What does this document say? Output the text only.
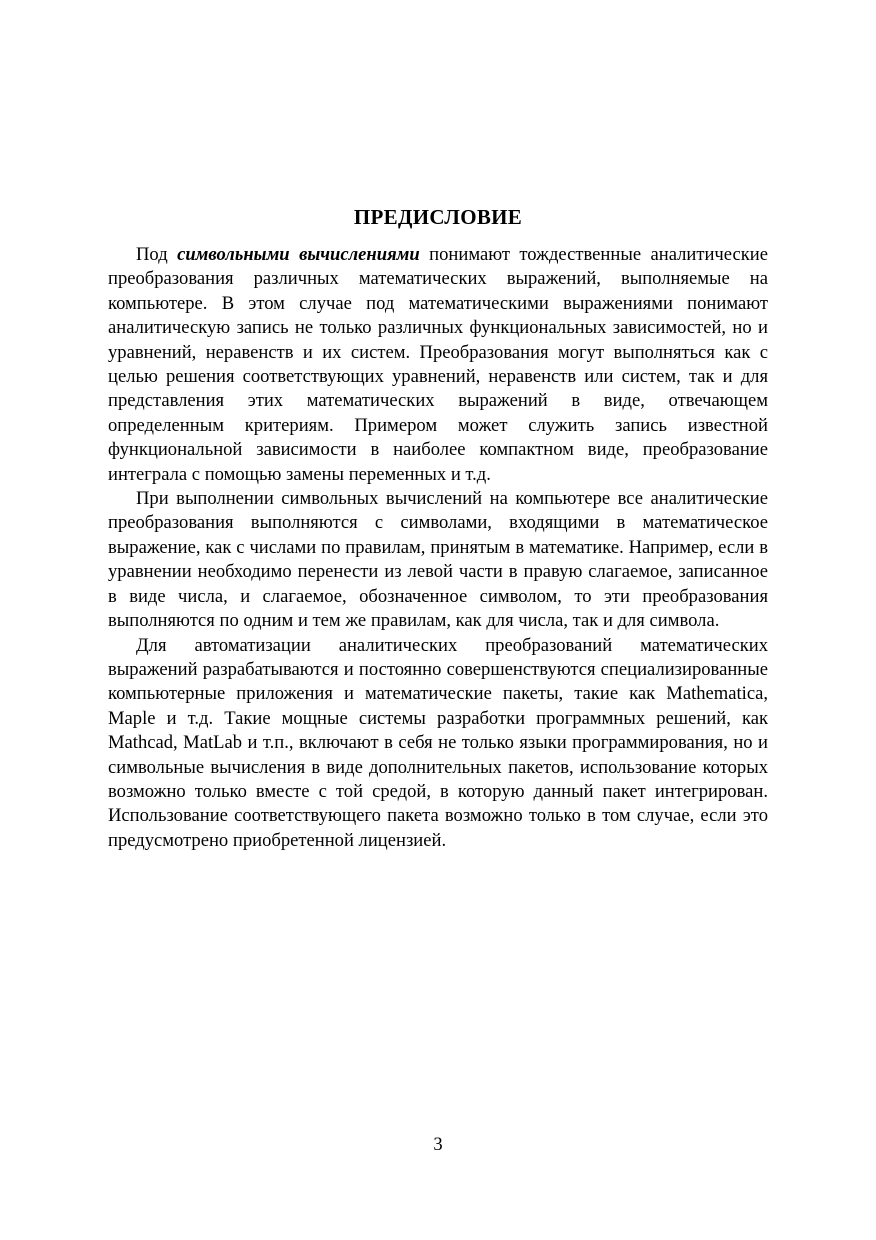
ПРЕДИСЛОВИЕ

Под символьными вычислениями понимают тождественные аналитические преобразования различных математических выражений, выполняемые на компьютере. В этом случае под математическими выражениями понимают аналитическую запись не только различных функциональных зависимостей, но и уравнений, неравенств и их систем. Преобразования могут выполняться как с целью решения соответствующих уравнений, неравенств или систем, так и для представления этих математических выражений в виде, отвечающем определенным критериям. Примером может служить запись известной функциональной зависимости в наиболее компактном виде, преобразование интеграла с помощью замены переменных и т.д.

При выполнении символьных вычислений на компьютере все аналитические преобразования выполняются с символами, входящими в математическое выражение, как с числами по правилам, принятым в математике. Например, если в уравнении необходимо перенести из левой части в правую слагаемое, записанное в виде числа, и слагаемое, обозначенное символом, то эти преобразования выполняются по одним и тем же правилам, как для числа, так и для символа.

Для автоматизации аналитических преобразований математических выражений разрабатываются и постоянно совершенствуются специализированные компьютерные приложения и математические пакеты, такие как Mathematica, Maple и т.д. Такие мощные системы разработки программных решений, как Mathcad, MatLab и т.п., включают в себя не только языки программирования, но и символьные вычисления в виде дополнительных пакетов, использование которых возможно только вместе с той средой, в которую данный пакет интегрирован. Использование соответствующего пакета возможно только в том случае, если это предусмотрено приобретенной лицензией.

3
